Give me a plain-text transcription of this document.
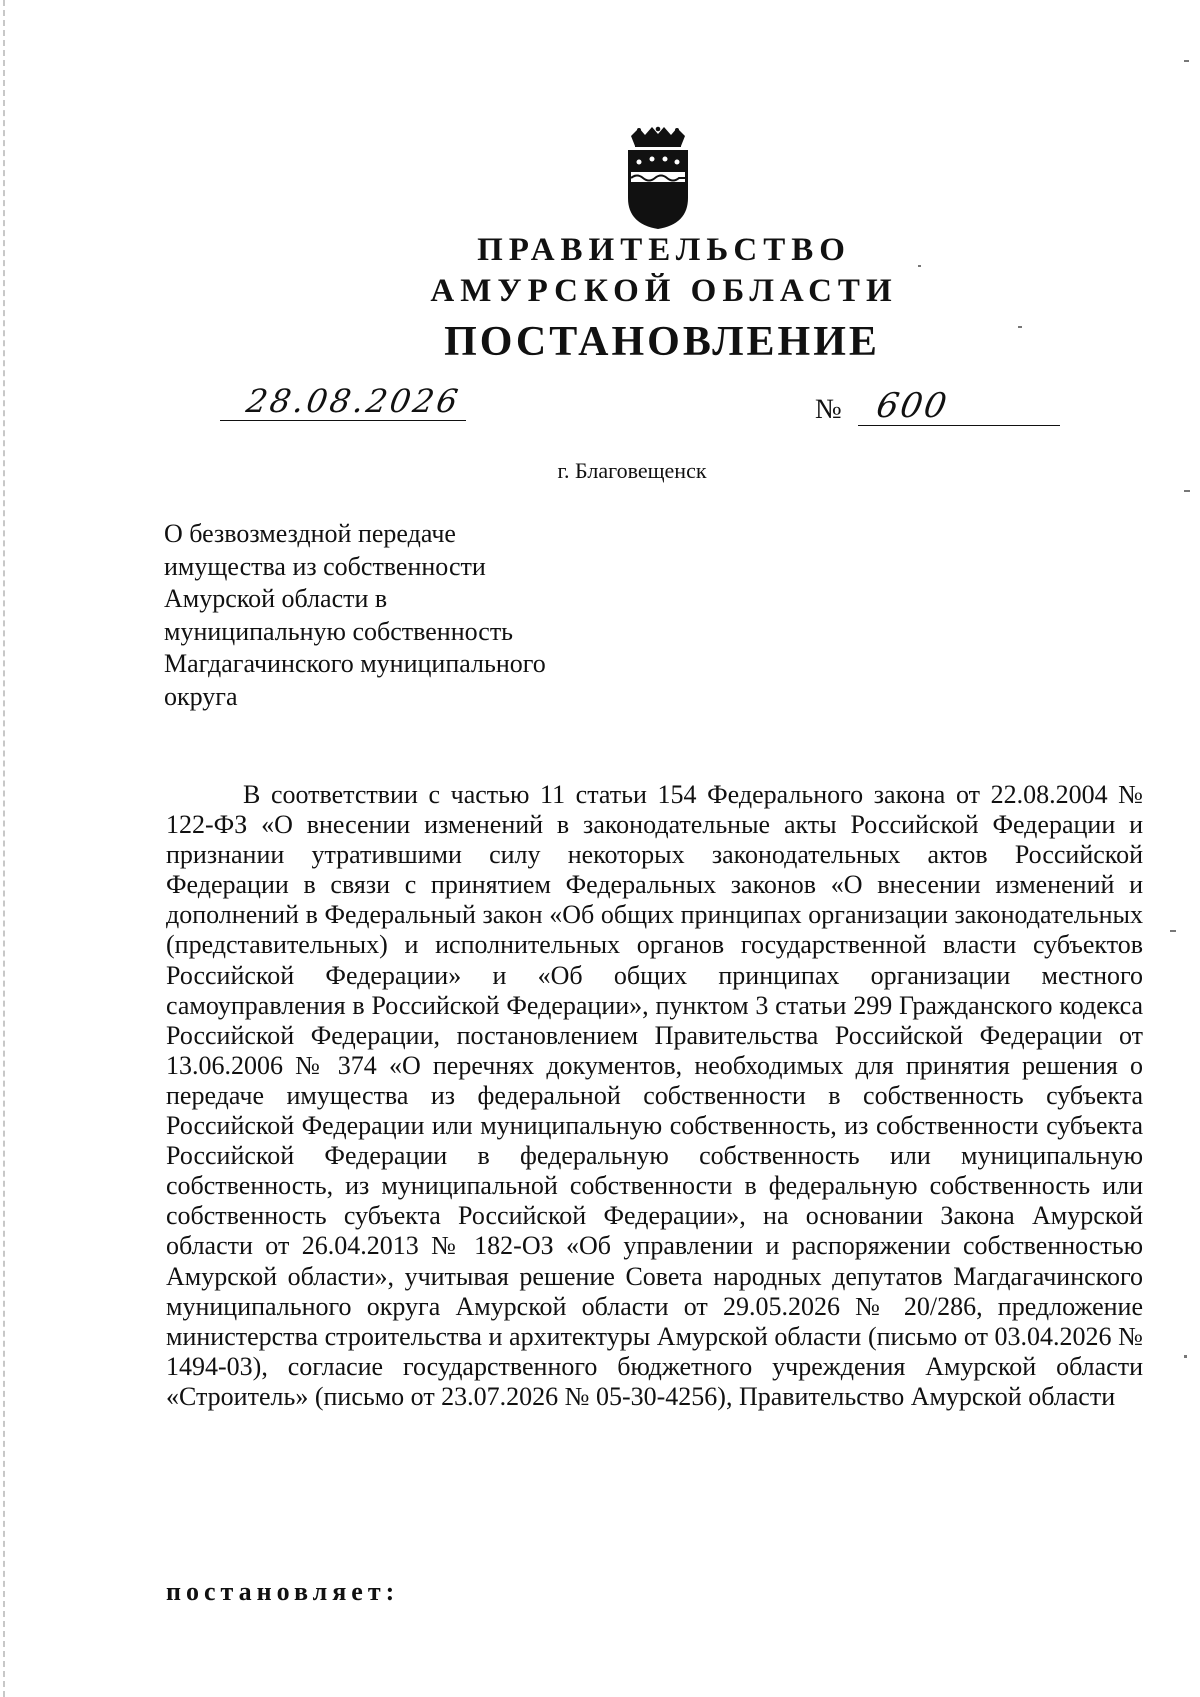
ПРАВИТЕЛЬСТВО
АМУРСКОЙ ОБЛАСТИ
ПОСТАНОВЛЕНИЕ
28.08.2026	№ 600
г. Благовещенск
О безвозмездной передаче
имущества из собственности
Амурской области в
муниципальную собственность
Магдагачинского муниципального
округа

В соответствии с частью 11 статьи 154 Федерального закона от 22.08.2004 № 122-ФЗ «О внесении изменений в законодательные акты Российской Федерации и признании утратившими силу некоторых законодательных актов Российской Федерации в связи с принятием Федеральных законов «О внесении изменений и дополнений в Федеральный закон «Об общих принципах организации законодательных (представительных) и исполнительных органов государственной власти субъектов Российской Федерации» и «Об общих принципах организации местного самоуправления в Российской Федерации», пунктом 3 статьи 299 Гражданского кодекса Российской Федерации, постановлением Правительства Российской Федерации от 13.06.2006 № 374 «О перечнях документов, необходимых для принятия решения о передаче имущества из федеральной собственности в собственность субъекта Российской Федерации или муниципальную собственность, из собственности субъекта Российской Федерации в федеральную собственность или муниципальную собственность, из муниципальной собственности в федеральную собственность или собственность субъекта Российской Федерации», на основании Закона Амурской области от 26.04.2013 № 182-ОЗ «Об управлении и распоряжении собственностью Амурской области», учитывая решение Совета народных депутатов Магдагачинского муниципального округа Амурской области от 29.05.2026 № 20/286, предложение министерства строительства и архитектуры Амурской области (письмо от 03.04.2026 № 1494-03), согласие государственного бюджетного учреждения Амурской области «Строитель» (письмо от 23.07.2026 № 05-30-4256), Правительство Амурской области

постановляет:
